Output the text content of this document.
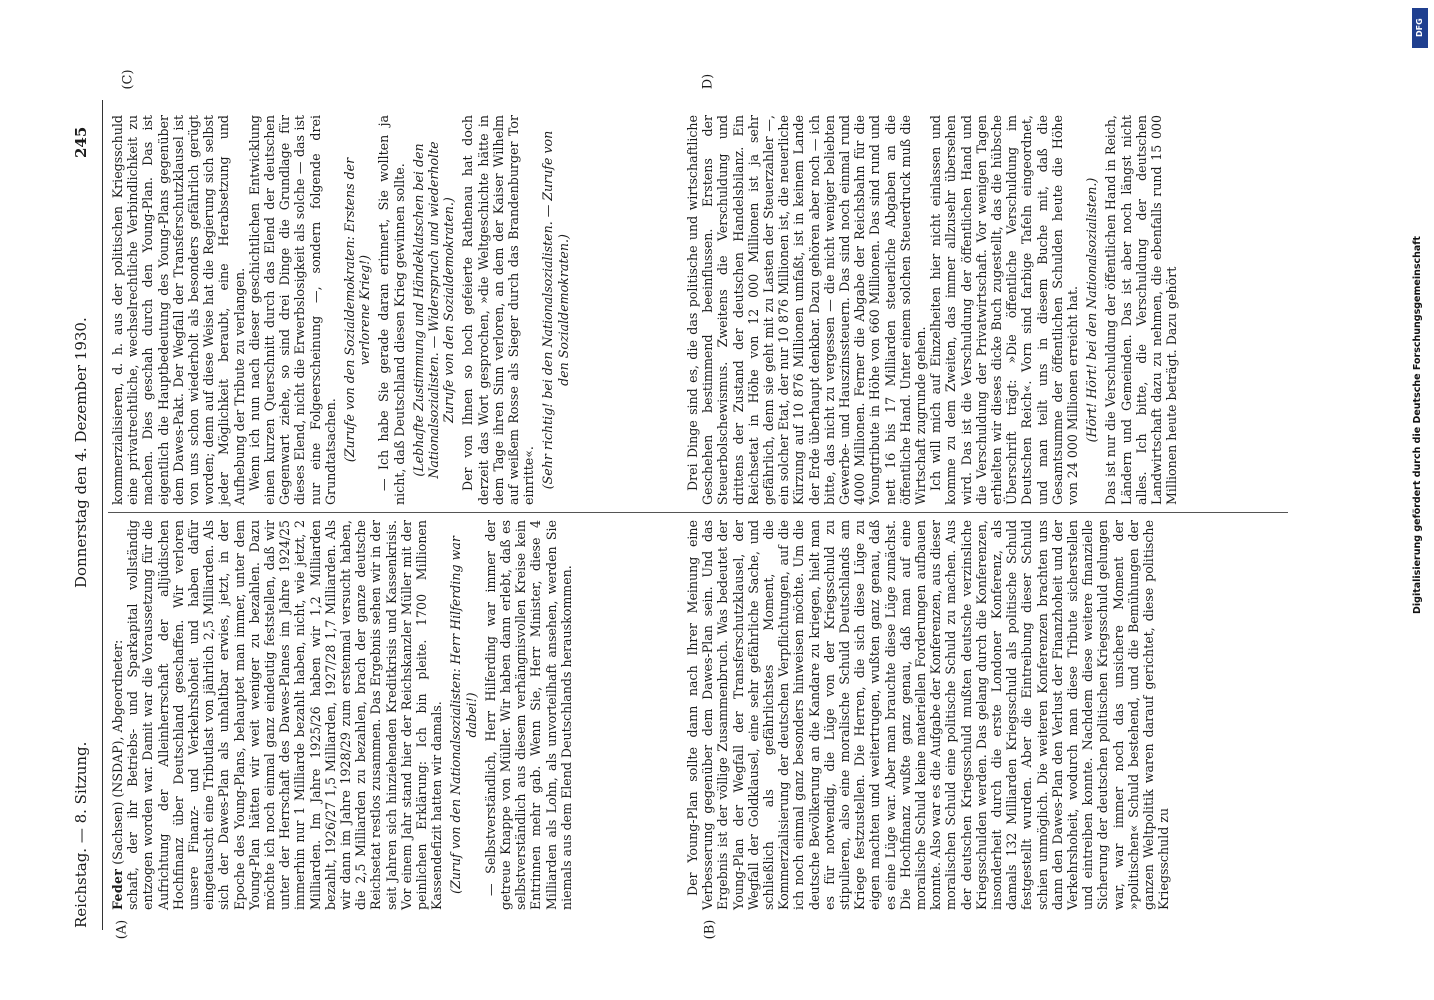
Reichstag. — 8. Sitzung.
Donnerstag den 4. Dezember 1930.
245

Feder (Sachsen) (NSDAP), Abgeordneter: schaft, der ihr Betriebs- und Sparkapital vollständig entzogen worden war. Damit war die Voraussetzung für die Aufrichtung der Alleinherrschaft der alljüdischen Hochfinanz über Deutschland geschaffen. Wir verloren unsere Finanz- und Verkehrshoheit und haben dafür eingetauscht eine Tributlast von jährlich 2,5 Milliarden. Als sich der Dawes-Plan als unhaltbar erwies, jetzt, in der Epoche des Young-Plans, behauptet man immer, unter dem Young-Plan hätten wir weit weniger zu bezahlen. Dazu möchte ich noch einmal ganz eindeutig feststellen, daß wir unter der Herrschaft des Dawes-Planes im Jahre 1924/25 immerhin nur 1 Milliarde bezahlt haben, nicht, wie jetzt, 2 Milliarden. Im Jahre 1925/26 haben wir 1,2 Milliarden bezahlt, 1926/27 1,5 Milliarden, 1927/28 1,7 Milliarden. Als wir dann im Jahre 1928/29 zum erstenmal versucht haben, die 2,5 Milliarden zu bezahlen, brach der ganze deutsche Reichsetat restlos zusammen. Das Ergebnis sehen wir in der seit Jahren sich hinziehenden Kreditkrisis und Kassenkrisis. Vor einem Jahr stand hier der Reichskanzler Müller mit der peinlichen Erklärung: Ich bin pleite. 1700 Millionen Kassendefizit hatten wir damals. (Zuruf von den Nationalsozialisten: Herr Hilferding war dabei!) — Selbstverständlich, Herr Hilferding war immer der getreue Knappe von Müller. Wir haben dann erlebt, daß es selbstverständlich aus diesem verhängnisvollen Kreise kein Entrinnen mehr gab. Wenn Sie, Herr Minister, diese 4 Milliarden als Lohn, als unvorteilhaft ansehen, werden Sie niemals aus dem Elend Deutschlands herauskommen.	Der Young-Plan sollte dann nach Ihrer Meinung eine Verbesserung gegenüber dem Dawes-Plan sein. Und das Ergebnis ist der völlige Zusammenbruch. Was bedeutet der Young-Plan der Wegfall der Transferschutzklausel, der Wegfall der Goldklausel, eine sehr gefährliche Sache, und schließlich als gefährlichstes Moment, die Kommerzialisierung der deutschen Verpflichtungen, auf die ich noch einmal ganz besonders hinweisen möchte. Um die deutsche Bevölkerung an die Kandare zu kriegen, hielt man es für notwendig, die Lüge von der Kriegsschuld zu stipulieren, also eine moralische Schuld Deutschlands am Kriege festzustellen. Die Herren, die sich diese Lüge zu eigen machten und weitertrugen, wußten ganz genau, daß es eine Lüge war. Aber man brauchte diese Lüge zunächst. Die Hochfinanz wußte ganz genau, daß man auf eine moralische Schuld keine materiellen Forderungen aufbauen konnte. Also war es die Aufgabe der Konferenzen, aus dieser moralischen Schuld eine politische Schuld zu machen. Aus der deutschen Kriegsschuld mußten deutsche verzinsliche Kriegsschulden werden. Das gelang durch die Konferenzen, insonderheit durch die erste Londoner Konferenz, als damals 132 Milliarden Kriegsschuld als politische Schuld festgestellt wurden. Aber die Eintreibung dieser Schuld schien unmöglich. Die weiteren Konferenzen brachten uns dann den Dawes-Plan den Verlust der Finanzhoheit und der Verkehrshoheit, wodurch man diese Tribute sicherstellen und eintreiben konnte. Nachdem diese weitere finanzielle Sicherung der deutschen politischen Kriegsschuld gelungen war, war immer noch das unsichere Moment der »politischen« Schuld bestehend, und die Bemühungen der ganzen Weltpolitik waren darauf gerichtet, diese politische Kriegsschuld zu

kommerzialisieren, d. h. aus der politischen Kriegsschuld eine privatrechtliche, wechselrechtliche Verbindlichkeit zu machen. Dies geschah durch den Young-Plan. Das ist eigentlich die Hauptbedeutung des Young-Plans gegenüber dem Dawes-Pakt. Der Wegfall der Transferschutzklausel ist von uns schon wiederholt als besonders gefährlich gerügt worden; denn auf diese Weise hat die Regierung sich selbst jeder Möglichkeit beraubt, eine Herabsetzung und Aufhebung der Tribute zu verlangen. Wenn ich nun nach dieser geschichtlichen Entwicklung einen kurzen Querschnitt durch das Elend der deutschen Gegenwart ziehe, so sind drei Dinge die Grundlage für dieses Elend, nicht die Erwerbslosigkeit als solche — das ist nur eine Folgeerscheinung —, sondern folgende drei Grundtatsachen. (Zurufe von den Sozialdemokraten: Erstens der verlorene Krieg!) — Ich habe Sie gerade daran erinnert, Sie wollten ja nicht, daß Deutschland diesen Krieg gewinnen sollte. (Lebhafte Zustimmung und Händeklatschen bei den Nationalsozialisten. — Widerspruch und wiederholte Zurufe von den Sozialdemokraten.) Der von Ihnen so hoch gefeierte Rathenau hat doch derzeit das Wort gesprochen, »die Weltgeschichte hätte in dem Tage ihren Sinn verloren, an dem der Kaiser Wilhelm auf weißem Rosse als Sieger durch das Brandenburger Tor einritte«. (Sehr richtig! bei den Nationalsozialisten. — Zurufe von den Sozialdemokraten.)	Drei Dinge sind es, die das politische und wirtschaftliche Geschehen bestimmend beeinflussen. Erstens der Steuerbolschewismus. Zweitens die Verschuldung und drittens der Zustand der deutschen Handelsbilanz. Ein Reichsetat in Höhe von 12 000 Millionen ist ja sehr gefährlich, denn sie geht mit zu Lasten der Steuerzahler —, ein solcher Etat, der nur 10 876 Millionen ist, die neuerliche Kürzung auf 10 876 Millionen umfaßt, ist in keinem Lande der Erde überhaupt denkbar. Dazu gehören aber noch — ich bitte, das nicht zu vergessen — die nicht weniger beliebten Gewerbe- und Hauszinssteuern. Das sind noch einmal rund 4000 Millionen. Ferner die Abgabe der Reichsbahn für die Youngtribute in Höhe von 660 Millionen. Das sind rund und nett 16 bis 17 Milliarden steuerliche Abgaben an die öffentliche Hand. Unter einem solchen Steuerdruck muß die Wirtschaft zugrunde gehen. Ich will mich auf Einzelheiten hier nicht einlassen und komme zu dem Zweiten, das immer allzusehr übersehen wird. Das ist die Verschuldung der öffentlichen Hand und die Verschuldung der Privatwirtschaft. Vor wenigen Tagen erhielten wir dieses dicke Buch zugestellt, das die hübsche Überschrift trägt: »Die öffentliche Verschuldung im Deutschen Reich«. Vorn sind farbige Tafeln eingeordnet, und man teilt uns in diesem Buche mit, daß die Gesamtsumme der öffentlichen Schulden heute die Höhe von 24 000 Millionen erreicht hat. (Hört! Hört! bei den Nationalsozialisten.) Das ist nur die Verschuldung der öffentlichen Hand in Reich, Ländern und Gemeinden. Das ist aber noch längst nicht alles. Ich bitte, die Verschuldung der deutschen Landwirtschaft dazu zu nehmen, die ebenfalls rund 15 000 Millionen heute beträgt. Dazu gehört

(A)	(B)
(C)	D)
DFG
Digitalisierung gefördert durch die Deutsche Forschungsgemeinschaft
